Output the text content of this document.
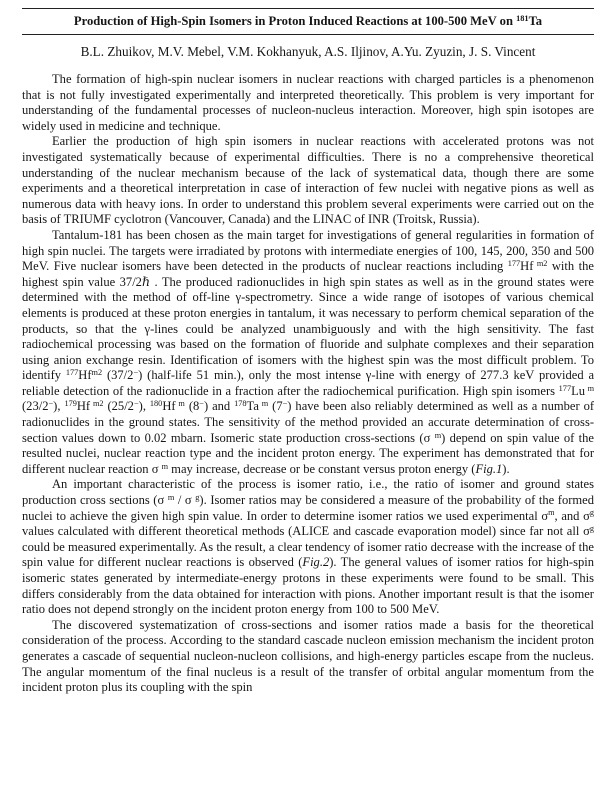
Production of High-Spin Isomers in Proton Induced Reactions at 100-500 MeV on $^{181}$Ta
B.L. Zhuikov, M.V. Mebel, V.M. Kokhanyuk, A.S. Iljinov, A.Yu. Zyuzin, J. S. Vincent

The formation of high-spin nuclear isomers in nuclear reactions with charged particles is a phenomenon that is not fully investigated experimentally and interpreted theoretically. This problem is very important for understanding of the fundamental processes of nucleon-nucleus interaction. Moreover, high spin isotopes are widely used in medicine and technique.

Earlier the production of high spin isomers in nuclear reactions with accelerated protons was not investigated systematically because of experimental difficulties. There is no a comprehensive theoretical understanding of the nuclear mechanism because of the lack of systematical data, though there are some experiments and a theoretical interpretation in case of interaction of few nuclei with negative pions as well as numerous data with heavy ions. In order to understand this problem several experiments were carried out on the basis of TRIUMF cyclotron (Vancouver, Canada) and the LINAC of INR (Troitsk, Russia).

Tantalum-181 has been chosen as the main target for investigations of general regularities in formation of high spin nuclei. The targets were irradiated by protons with intermediate energies of 100, 145, 200, 350 and 500 MeV. Five nuclear isomers have been detected in the products of nuclear reactions including $^{177}$Hf $^{m2}$ with the highest spin value 37/2ℏ . The produced radionuclides in high spin states as well as in the ground states were determined with the method of off-line γ-spectrometry. Since a wide range of isotopes of various chemical elements is produced at these proton energies in tantalum, it was necessary to perform chemical separation of the products, so that the γ-lines could be analyzed unambiguously and with the high sensitivity. The fast radiochemical processing was based on the formation of fluoride and sulphate complexes and their separation using anion exchange resin. Identification of isomers with the highest spin was the most difficult problem. To identify $^{177}Hf^{m2}$ (37/2−) (half-life 51 min.), only the most intense γ-line with energy of 277.3 keV provided a reliable detection of the radionuclide in a fraction after the radiochemical purification. High spin isomers $^{177}$Lu $^m$ (23/2−), $^{179}$Hf $^{m2}$ (25/2−), $^{180}$Hf $^m$ (8−) and $^{178}$Ta $^m$ (7−) have been also reliably determined as well as a number of radionuclides in the ground states. The sensitivity of the method provided an accurate determination of cross-section values down to 0.02 mbarn. Isomeric state production cross-sections (σ $^m$) depend on spin value of the resulted nuclei, nuclear reaction type and the incident proton energy. The experiment has demonstrated that for different nuclear reaction σ $^m$ may increase, decrease or be constant versus proton energy (Fig.1).

An important characteristic of the process is isomer ratio, i.e., the ratio of isomer and ground states production cross sections (σ $^m$ / σ $^g$). Isomer ratios may be considered a measure of the probability of the formed nuclei to achieve the given high spin value. In order to determine isomer ratios we used experimental $\sigma^m$, and $\sigma^g$ values calculated with different theoretical methods (ALICE and cascade evaporation model) since far not all $\sigma^g$ could be measured experimentally. As the result, a clear tendency of isomer ratio decrease with the increase of the spin value for different nuclear reactions is observed (Fig.2). The general values of isomer ratios for high-spin isomeric states generated by intermediate-energy protons in these experiments were found to be small. This differs considerably from the data obtained for interaction with pions. Another important result is that the isomer ratio does not depend strongly on the incident proton energy from 100 to 500 MeV.

The discovered systematization of cross-sections and isomer ratios made a basis for the theoretical consideration of the process. According to the standard cascade nucleon emission mechanism the incident proton generates a cascade of sequential nucleon-nucleon collisions, and high-energy particles escape from the nucleus. The angular momentum of the final nucleus is a result of the transfer of orbital angular momentum from the incident proton plus its coupling with the spin
